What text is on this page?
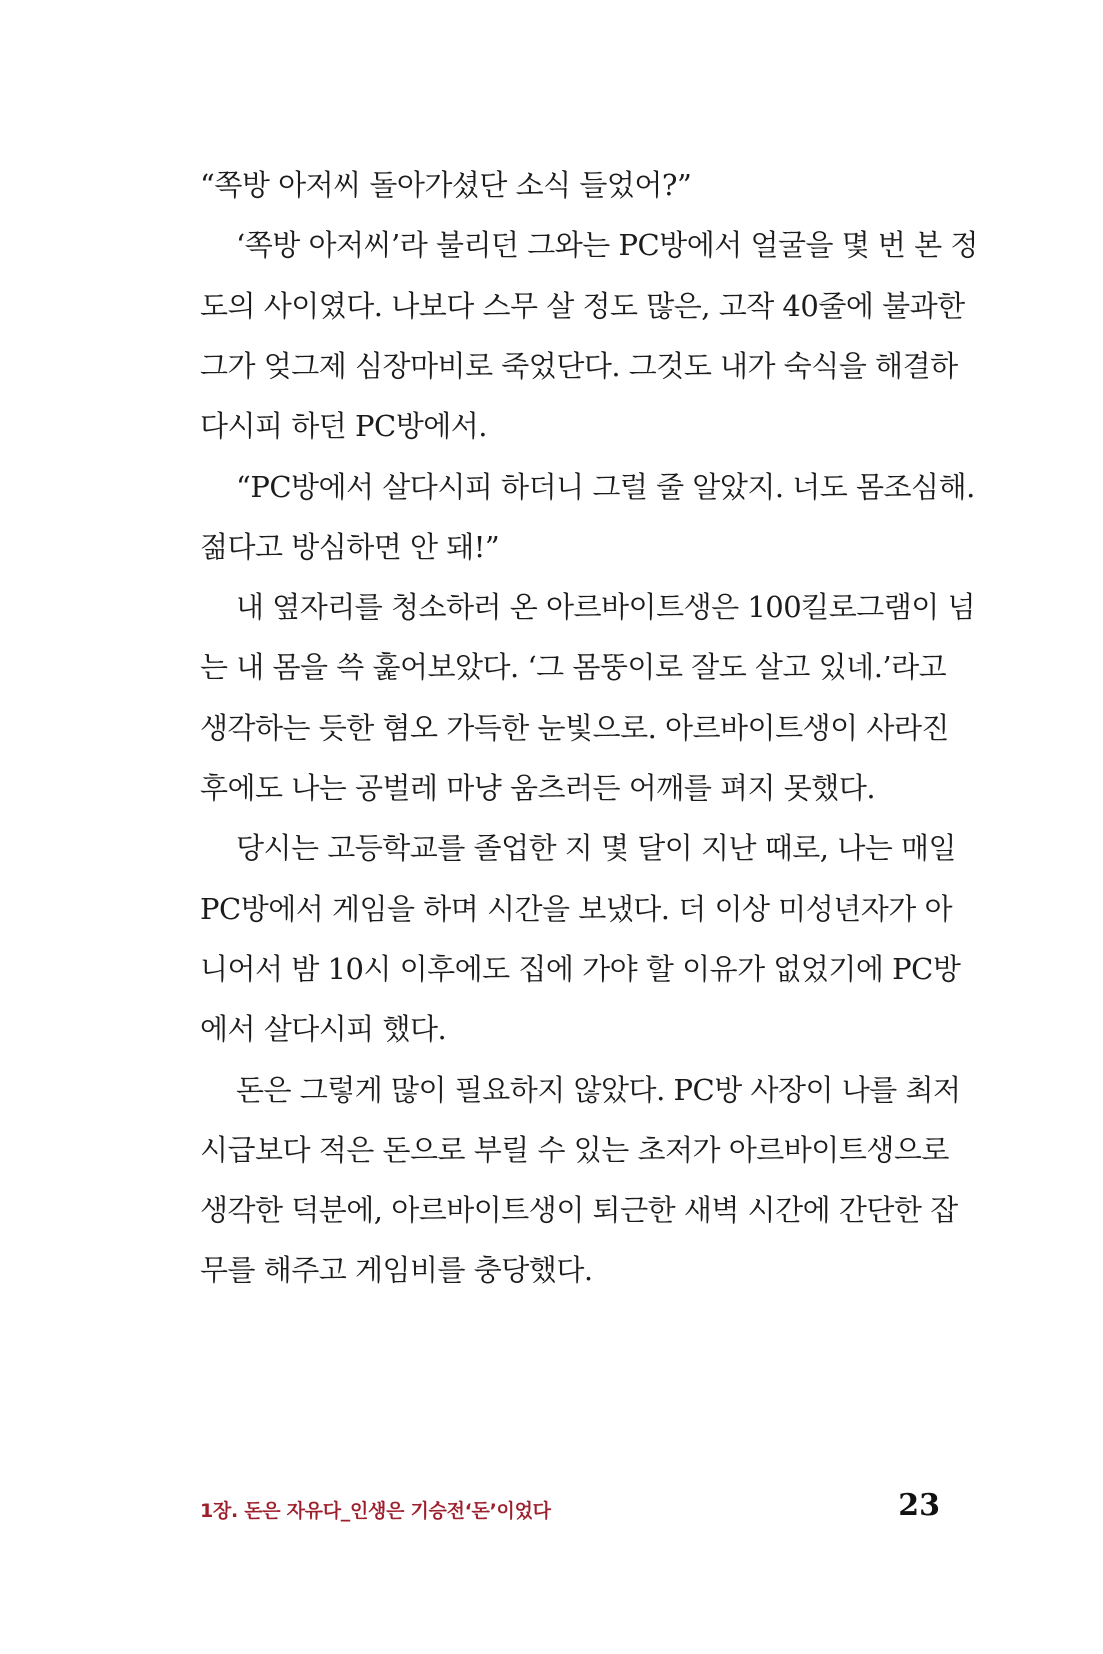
“쪽방 아저씨 돌아가셨단 소식 들었어?”
‘쪽방 아저씨’라 불리던 그와는 PC방에서 얼굴을 몇 번 본 정
도의 사이였다. 나보다 스무 살 정도 많은, 고작 40줄에 불과한
그가 엊그제 심장마비로 죽었단다. 그것도 내가 숙식을 해결하
다시피 하던 PC방에서.
“PC방에서 살다시피 하더니 그럴 줄 알았지. 너도 몸조심해.
젊다고 방심하면 안 돼!”
내 옆자리를 청소하러 온 아르바이트생은 100킬로그램이 넘
는 내 몸을 쓱 훑어보았다. ‘그 몸뚱이로 잘도 살고 있네.’라고
생각하는 듯한 혐오 가득한 눈빛으로. 아르바이트생이 사라진
후에도 나는 공벌레 마냥 움츠러든 어깨를 펴지 못했다.
당시는 고등학교를 졸업한 지 몇 달이 지난 때로, 나는 매일
PC방에서 게임을 하며 시간을 보냈다. 더 이상 미성년자가 아
니어서 밤 10시 이후에도 집에 가야 할 이유가 없었기에 PC방
에서 살다시피 했다.
돈은 그렇게 많이 필요하지 않았다. PC방 사장이 나를 최저
시급보다 적은 돈으로 부릴 수 있는 초저가 아르바이트생으로
생각한 덕분에, 아르바이트생이 퇴근한 새벽 시간에 간단한 잡
무를 해주고 게임비를 충당했다.
1장. 돈은 자유다_인생은 기승전‘돈’이었다	23
